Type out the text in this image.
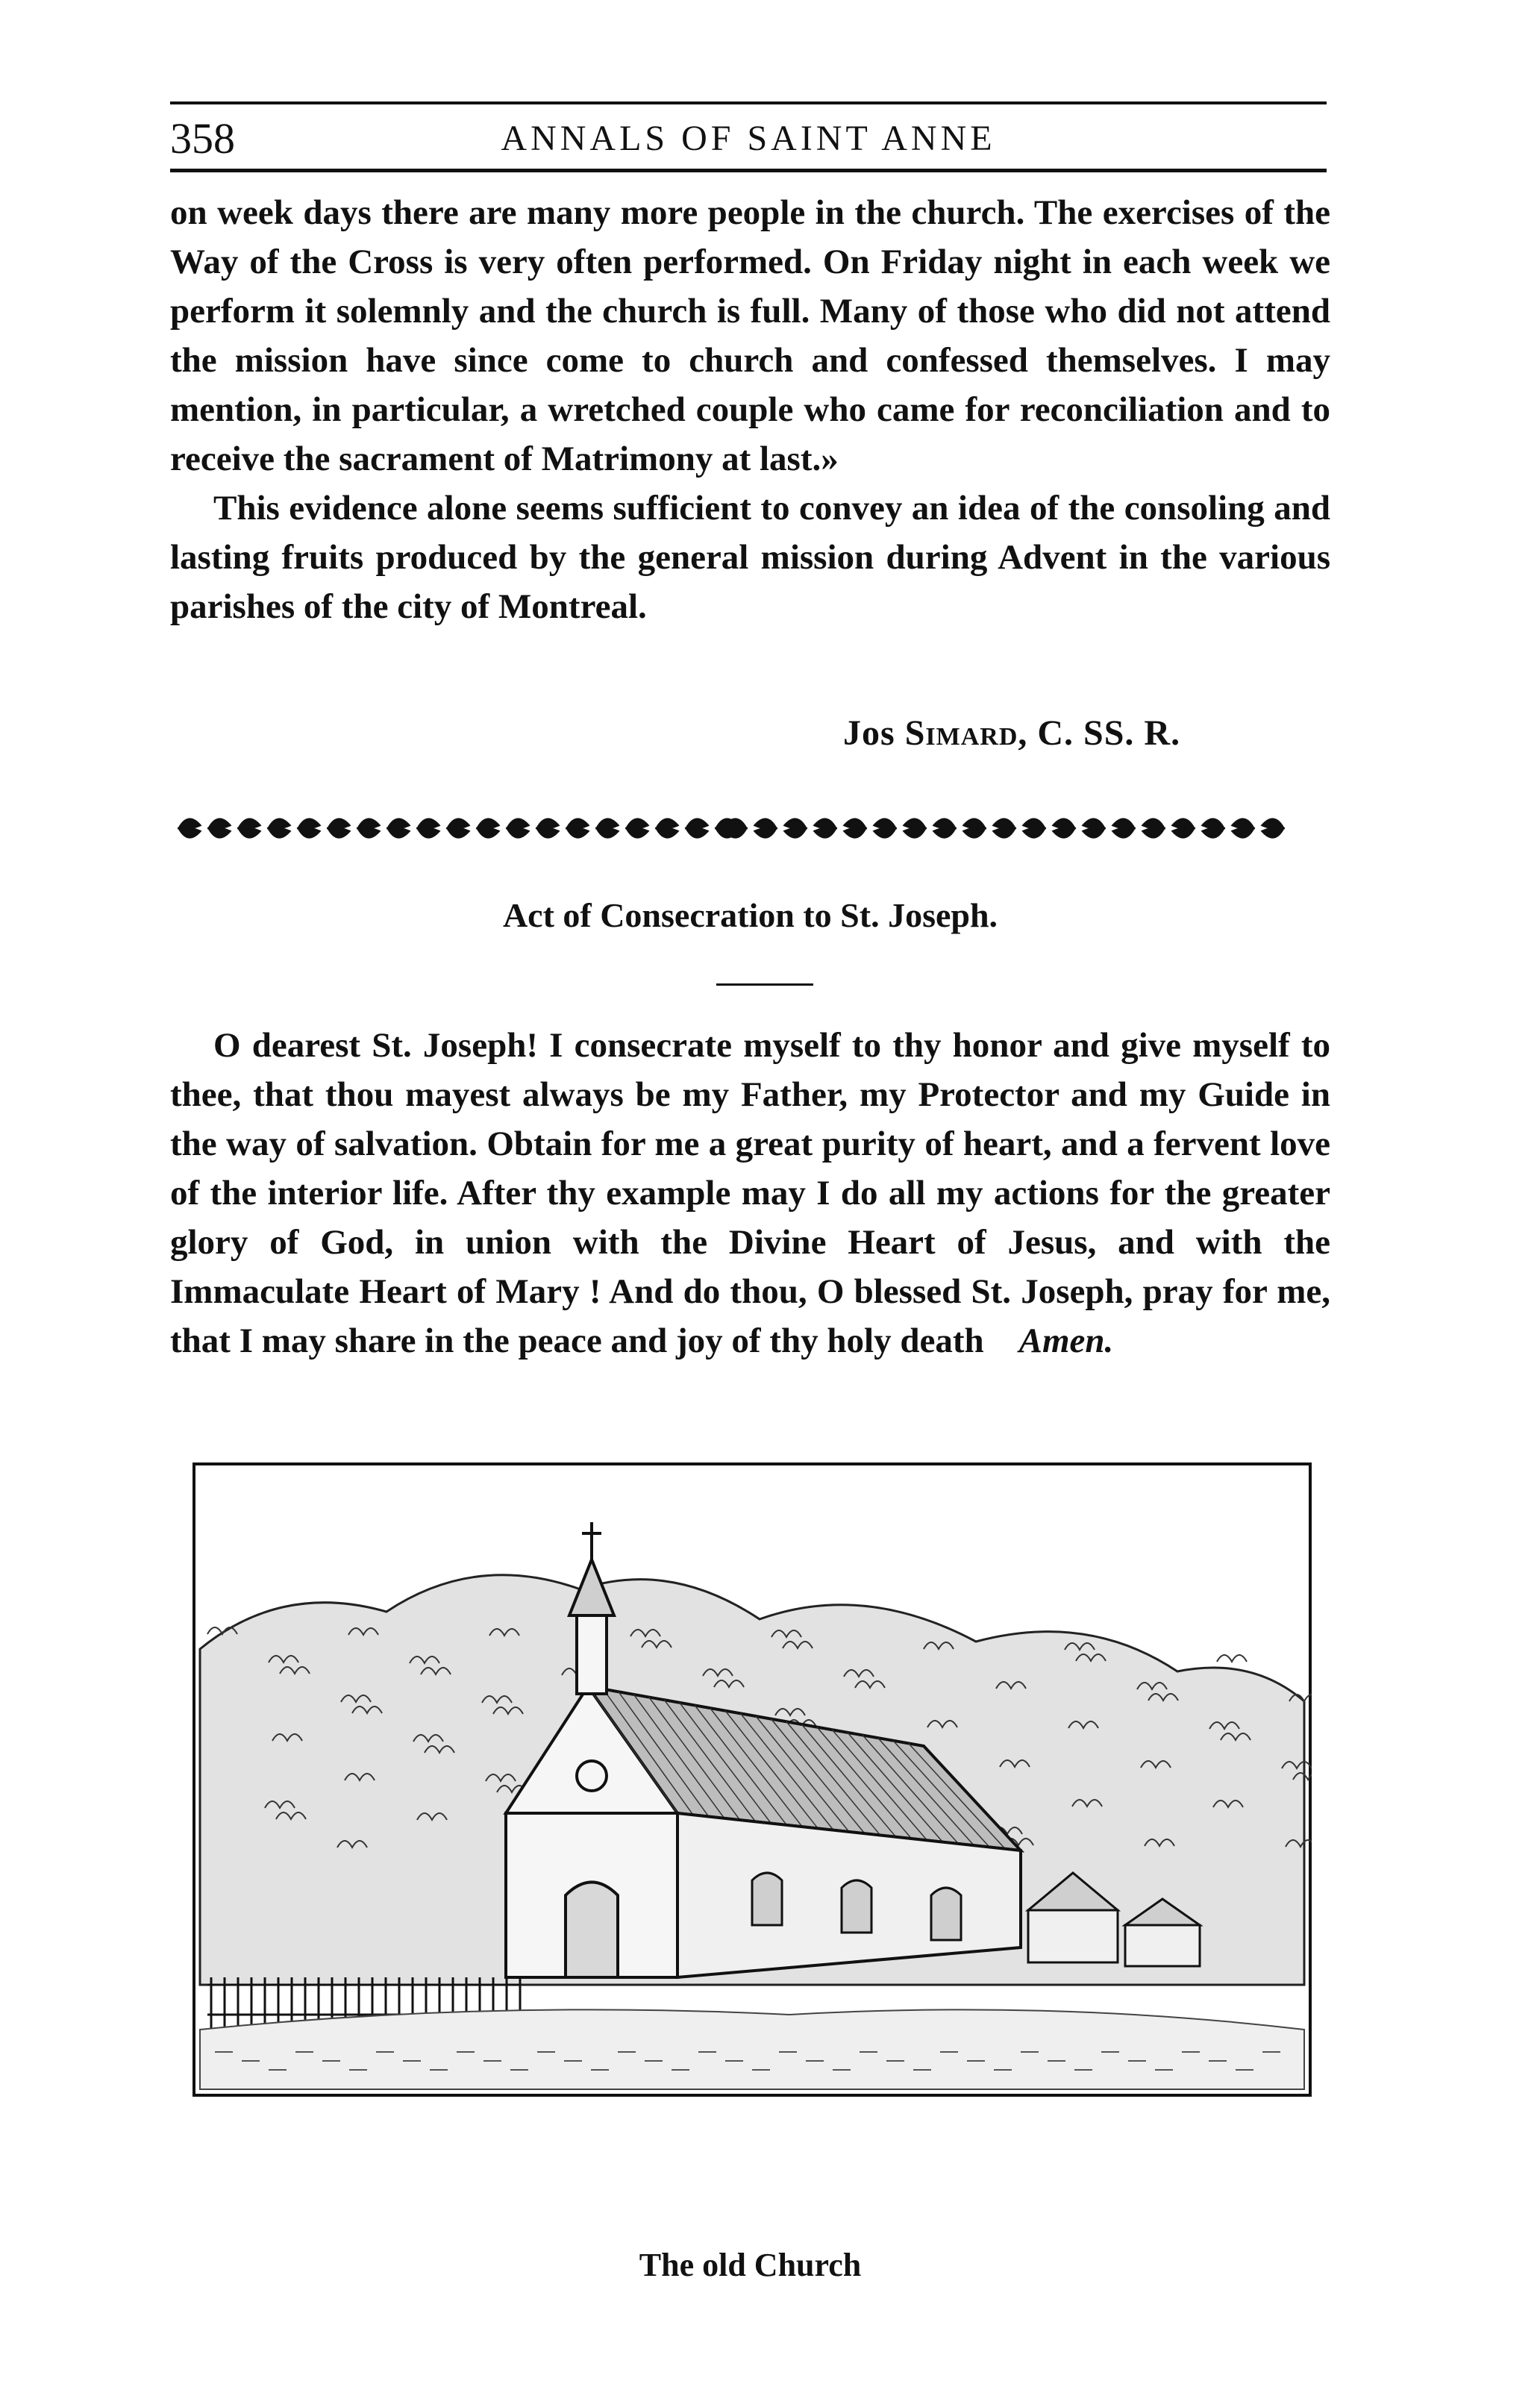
358	ANNALS OF SAINT ANNE

on week days there are many more people in the church. The exercises of the Way of the Cross is very often performed. On Friday night in each week we perform it solemnly and the church is full. Many of those who did not attend the mission have since come to church and confessed themselves. I may mention, in particular, a wretched couple who came for reconciliation and to receive the sacrament of Matrimony at last.»

This evidence alone seems sufficient to convey an idea of the consoling and lasting fruits produced by the general mission during Advent in the various parishes of the city of Montreal.

Jos Simard, C. SS. R.
Act of Consecration to St. Joseph.

O dearest St. Joseph! I consecrate myself to thy honor and give myself to thee, that thou mayest always be my Father, my Protector and my Guide in the way of salvation. Obtain for me a great purity of heart, and a fervent love of the interior life. After thy example may I do all my actions for the greater glory of God, in union with the Divine Heart of Jesus, and with the Immaculate Heart of Mary ! And do thou, O blessed St. Joseph, pray for me, that I may share in the peace and joy of thy holy death Amen.

The old Church
